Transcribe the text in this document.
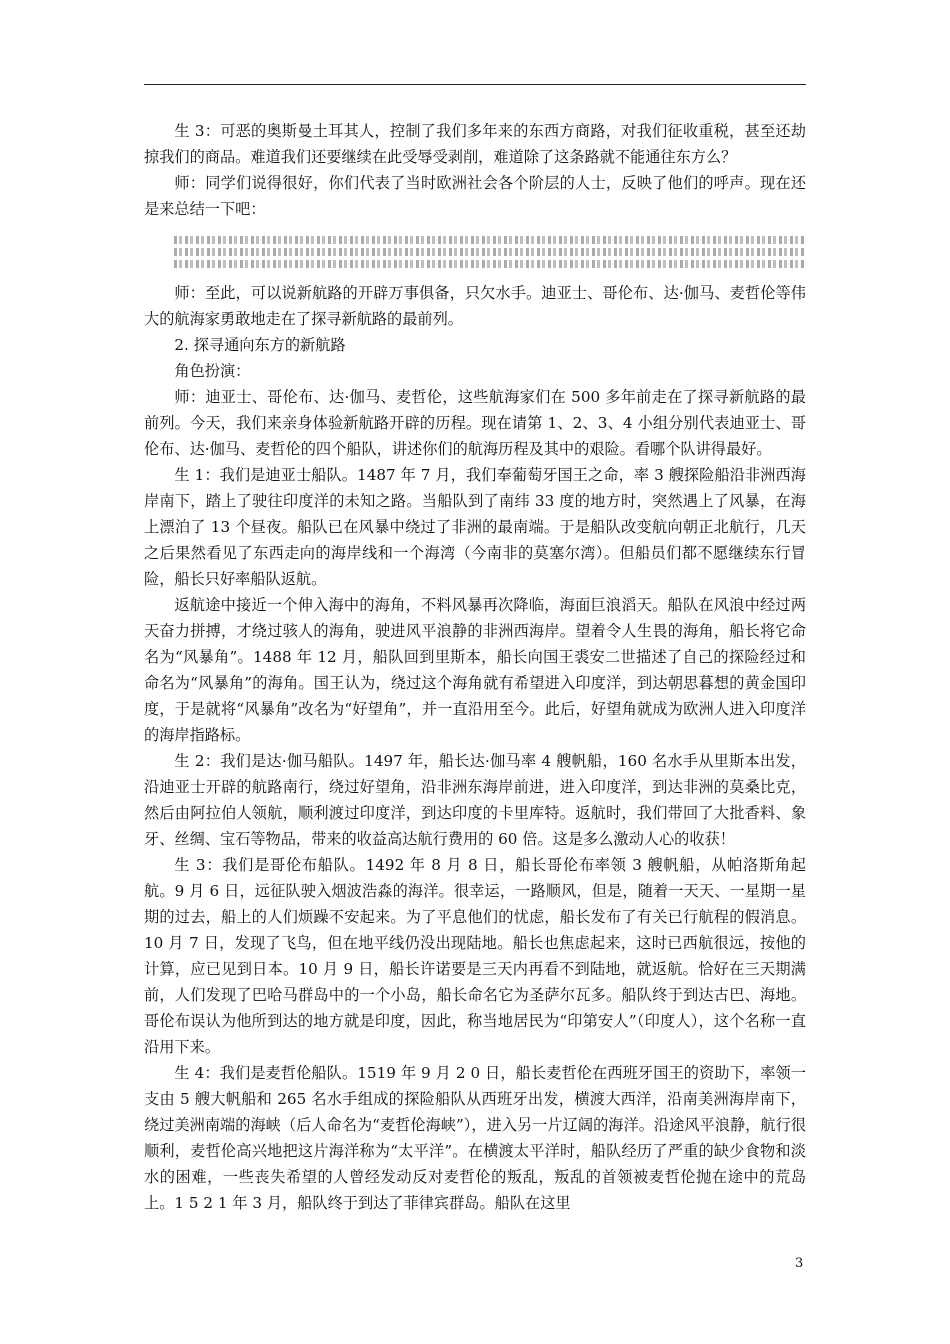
生 3：可恶的奥斯曼土耳其人，控制了我们多年来的东西方商路，对我们征收重税，甚至还劫掠我们的商品。难道我们还要继续在此受辱受剥削，难道除了这条路就不能通往东方么？

师：同学们说得很好，你们代表了当时欧洲社会各个阶层的人士，反映了他们的呼声。现在还是来总结一下吧：

师：至此，可以说新航路的开辟万事俱备，只欠水手。迪亚士、哥伦布、达·伽马、麦哲伦等伟大的航海家勇敢地走在了探寻新航路的最前列。

2. 探寻通向东方的新航路

角色扮演：

师：迪亚士、哥伦布、达·伽马、麦哲伦，这些航海家们在 500 多年前走在了探寻新航路的最前列。今天，我们来亲身体验新航路开辟的历程。现在请第 1、2、3、4 小组分别代表迪亚士、哥伦布、达·伽马、麦哲伦的四个船队，讲述你们的航海历程及其中的艰险。看哪个队讲得最好。

生 1：我们是迪亚士船队。1487 年 7 月，我们奉葡萄牙国王之命，率 3 艘探险船沿非洲西海岸南下，踏上了驶往印度洋的未知之路。当船队到了南纬 33 度的地方时，突然遇上了风暴，在海上漂泊了 13 个昼夜。船队已在风暴中绕过了非洲的最南端。于是船队改变航向朝正北航行，几天之后果然看见了东西走向的海岸线和一个海湾（今南非的莫塞尔湾）。但船员们都不愿继续东行冒险，船长只好率船队返航。

返航途中接近一个伸入海中的海角，不料风暴再次降临，海面巨浪滔天。船队在风浪中经过两天奋力拼搏，才绕过骇人的海角，驶进风平浪静的非洲西海岸。望着令人生畏的海角，船长将它命名为“风暴角”。1488 年 12 月，船队回到里斯本，船长向国王裘安二世描述了自己的探险经过和命名为“风暴角”的海角。国王认为，绕过这个海角就有希望进入印度洋，到达朝思暮想的黄金国印度，于是就将“风暴角”改名为“好望角”，并一直沿用至今。此后，好望角就成为欧洲人进入印度洋的海岸指路标。

生 2：我们是达·伽马船队。1497 年，船长达·伽马率 4 艘帆船，160 名水手从里斯本出发，沿迪亚士开辟的航路南行，绕过好望角，沿非洲东海岸前进，进入印度洋，到达非洲的莫桑比克，然后由阿拉伯人领航，顺利渡过印度洋，到达印度的卡里库特。返航时，我们带回了大批香料、象牙、丝绸、宝石等物品，带来的收益高达航行费用的 60 倍。这是多么激动人心的收获！

生 3：我们是哥伦布船队。1492 年 8 月 8 日，船长哥伦布率领 3 艘帆船，从帕洛斯角起航。9 月 6 日，远征队驶入烟波浩淼的海洋。很幸运，一路顺风，但是，随着一天天、一星期一星期的过去，船上的人们烦躁不安起来。为了平息他们的忧虑，船长发布了有关已行航程的假消息。10 月 7 日，发现了飞鸟，但在地平线仍没出现陆地。船长也焦虑起来，这时已西航很远，按他的计算，应已见到日本。10 月 9 日，船长许诺要是三天内再看不到陆地，就返航。恰好在三天期满前，人们发现了巴哈马群岛中的一个小岛，船长命名它为圣萨尔瓦多。船队终于到达古巴、海地。哥伦布误认为他所到达的地方就是印度，因此，称当地居民为“印第安人”（印度人），这个名称一直沿用下来。

生 4：我们是麦哲伦船队。1519 年 9 月 2 0 日，船长麦哲伦在西班牙国王的资助下，率领一支由 5 艘大帆船和 265 名水手组成的探险船队从西班牙出发，横渡大西洋，沿南美洲海岸南下，绕过美洲南端的海峡（后人命名为“麦哲伦海峡”），进入另一片辽阔的海洋。沿途风平浪静，航行很顺利，麦哲伦高兴地把这片海洋称为“太平洋”。在横渡太平洋时，船队经历了严重的缺少食物和淡水的困难，一些丧失希望的人曾经发动反对麦哲伦的叛乱，叛乱的首领被麦哲伦抛在途中的荒岛上。1 5 2 1 年 3 月，船队终于到达了菲律宾群岛。船队在这里

3
